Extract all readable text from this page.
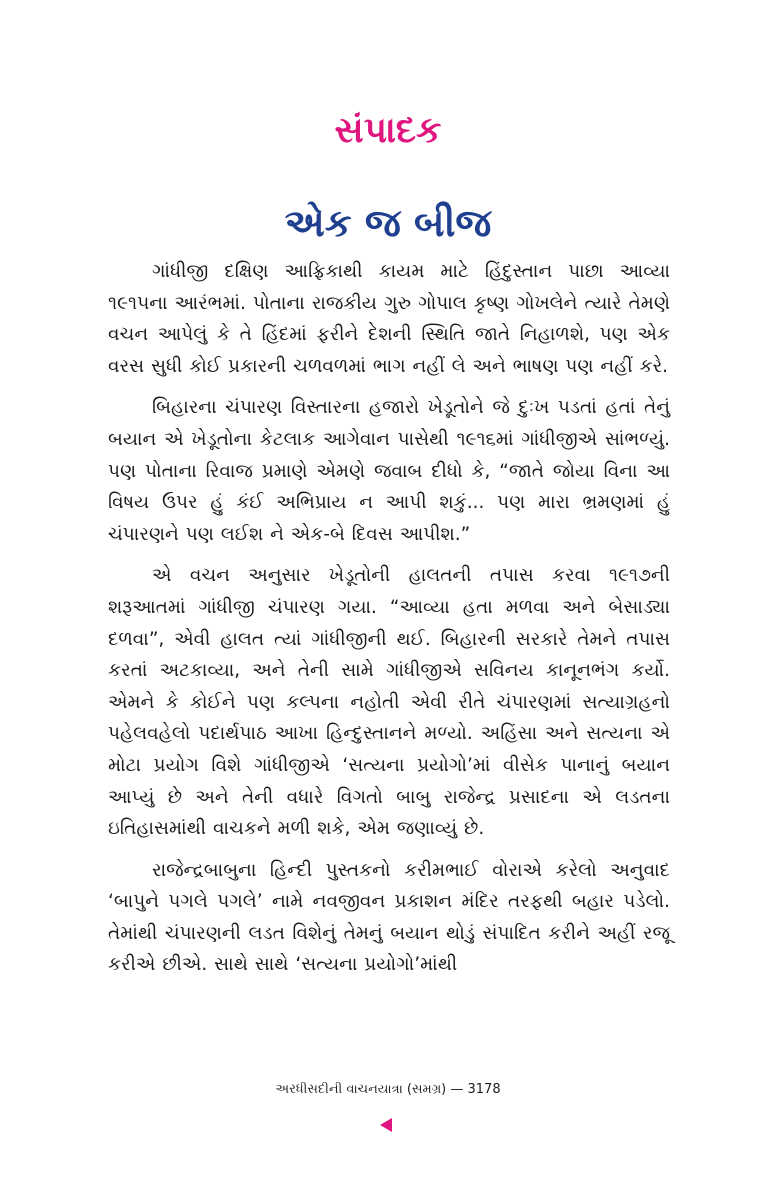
સંપાદક
એક જ બીજ

ગાંધીજી દક્ષિણ આફ્રિકાથી કાયમ માટે હિંદુસ્તાન પાછા આવ્યા ૧૯૧૫ના આરંભમાં. પોતાના રાજકીય ગુરુ ગોપાલ કૃષ્ણ ગોખલેને ત્યારે તેમણે વચન આપેલું કે તે હિંદમાં ફરીને દેશની સ્થિતિ જાતે નિહાળશે, પણ એક વરસ સુધી કોઈ પ્રકારની ચળવળમાં ભાગ નહીં લે અને ભાષણ પણ નહીં કરે.

બિહારના ચંપારણ વિસ્તારના હજારો ખેડૂતોને જે દુઃખ પડતાં હતાં તેનું બયાન એ ખેડૂતોના કેટલાક આગેવાન પાસેથી ૧૯૧૬માં ગાંધીજીએ સાંભળ્યું. પણ પોતાના રિવાજ પ્રમાણે એમણે જવાબ દીધો કે, “જાતે જોયા વિના આ વિષય ઉપર હું કંઈ અભિપ્રાય ન આપી શકું... પણ મારા ભ્રમણમાં હું ચંપારણને પણ લઈશ ને એક-બે દિવસ આપીશ.”

એ વચન અનુસાર ખેડૂતોની હાલતની તપાસ કરવા ૧૯૧૭ની શરૂઆતમાં ગાંધીજી ચંપારણ ગયા. “આવ્યા હતા મળવા અને બેસાડ્યા દળવા”, એવી હાલત ત્યાં ગાંધીજીની થઈ. બિહારની સરકારે તેમને તપાસ કરતાં અટકાવ્યા, અને તેની સામે ગાંધીજીએ સવિનય કાનૂનભંગ કર્યો. એમને કે કોઈને પણ કલ્પના નહોતી એવી રીતે ચંપારણમાં સત્યાગ્રહનો પહેલવહેલો પદાર્થપાઠ આખા હિન્દુસ્તાનને મળ્યો. અહિંસા અને સત્યના એ મોટા પ્રયોગ વિશે ગાંધીજીએ ‘સત્યના પ્રયોગો’માં વીસેક પાનાનું બયાન આપ્યું છે અને તેની વધારે વિગતો બાબુ રાજેન્દ્ર પ્રસાદના એ લડતના ઇતિહાસમાંથી વાચકને મળી શકે, એમ જણાવ્યું છે.

રાજેન્દ્રબાબુના હિન્દી પુસ્તકનો કરીમભાઈ વોરાએ કરેલો અનુવાદ ‘બાપુને પગલે પગલે’ નામે નવજીવન પ્રકાશન મંદિર તરફથી બહાર પડેલો. તેમાંથી ચંપારણની લડત વિશેનું તેમનું બયાન થોડું સંપાદિત કરીને અહીં રજૂ કરીએ છીએ. સાથે સાથે ‘સત્યના પ્રયોગો’માંથી

અરધીસદીની વાચનયાત્રા (સમગ્ર) — 3178
